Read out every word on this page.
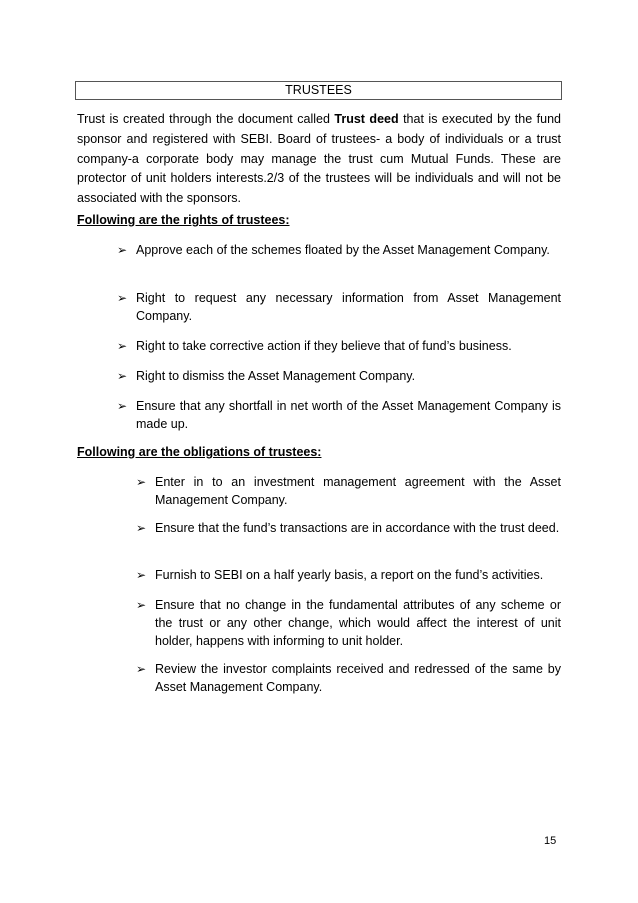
TRUSTEES

Trust is created through the document called Trust deed that is executed by the fund sponsor and registered with SEBI. Board of trustees- a body of individuals or a trust company-a corporate body may manage the trust cum Mutual Funds. These are protector of unit holders interests.2/3 of the trustees will be individuals and will not be associated with the sponsors.

Following are the rights of trustees:

➢ Approve each of the schemes floated by the Asset Management Company.
➢ Right to request any necessary information from Asset Management Company.
➢ Right to take corrective action if they believe that of fund’s business.
➢ Right to dismiss the Asset Management Company.
➢ Ensure that any shortfall in net worth of the Asset Management Company is made up.

Following are the obligations of trustees:

➢ Enter in to an investment management agreement with the Asset Management Company.
➢ Ensure that the fund’s transactions are in accordance with the trust deed.
➢ Furnish to SEBI on a half yearly basis, a report on the fund’s activities.
➢ Ensure that no change in the fundamental attributes of any scheme or the trust or any other change, which would affect the interest of unit holder, happens with informing to unit holder.
➢ Review the investor complaints received and redressed of the same by Asset Management Company.
15
